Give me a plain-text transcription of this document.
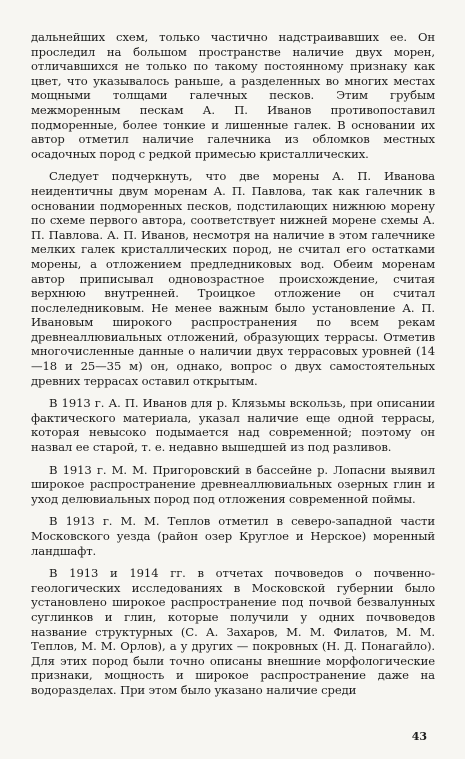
дальнейших схем, только частично надстраивавших ее. Он проследил на большом пространстве наличие двух морен, отличавшихся не только по такому постоянному признаку как цвет, что указывалось раньше, а разделенных во многих местах мощными толщами галечных песков. Этим грубым межморенным пескам А. П. Иванов противопоставил подморенные, более тонкие и лишенные галек. В основании их автор отметил наличие галечника из обломков местных осадочных пород с редкой примесью кристаллических.

Следует подчеркнуть, что две морены А. П. Иванова неидентичны двум моренам А. П. Павлова, так как галечник в основании подморенных песков, подстилающих нижнюю морену по схеме первого автора, соответствует нижней морене схемы А. П. Павлова. А. П. Иванов, несмотря на наличие в этом галечнике мелких галек кристаллических пород, не считал его остатками морены, а отложением предледниковых вод. Обеим моренам автор приписывал одновозрастное происхождение, считая верхнюю внутренней. Троицкое отложение он считал послеледниковым. Не менее важным было установление А. П. Ивановым широкого распространения по всем рекам древнеаллювиальных отложений, образующих террасы. Отметив многочисленные данные о наличии двух террасовых уровней (14—18 и 25—35 м) он, однако, вопрос о двух самостоятельных древних террасах оставил открытым.

В 1913 г. А. П. Иванов для р. Клязьмы вскользь, при описании фактического материала, указал наличие еще одной террасы, которая невысоко подымается над современной; поэтому он назвал ее старой, т. е. недавно вышедшей из под разливов.

В 1913 г. М. М. Пригоровский в бассейне р. Лопасни выявил широкое распространение древнеаллювиальных озерных глин и уход делювиальных пород под отложения современной поймы.

В 1913 г. М. М. Теплов отметил в северо-западной части Московского уезда (район озер Круглое и Нерское) моренный ландшафт.

В 1913 и 1914 гг. в отчетах почвоведов о почвенно-геологических исследованиях в Московской губернии было установлено широкое распространение под почвой безвалунных суглинков и глин, которые получили у одних почвоведов название структурных (С. А. Захаров, М. М. Филатов, М. М. Теплов, М. М. Орлов), а у других — покровных (Н. Д. Понагайло). Для этих пород были точно описаны внешние морфологические признаки, мощность и широкое распространение даже на водоразделах. При этом было указано наличие среди

43
